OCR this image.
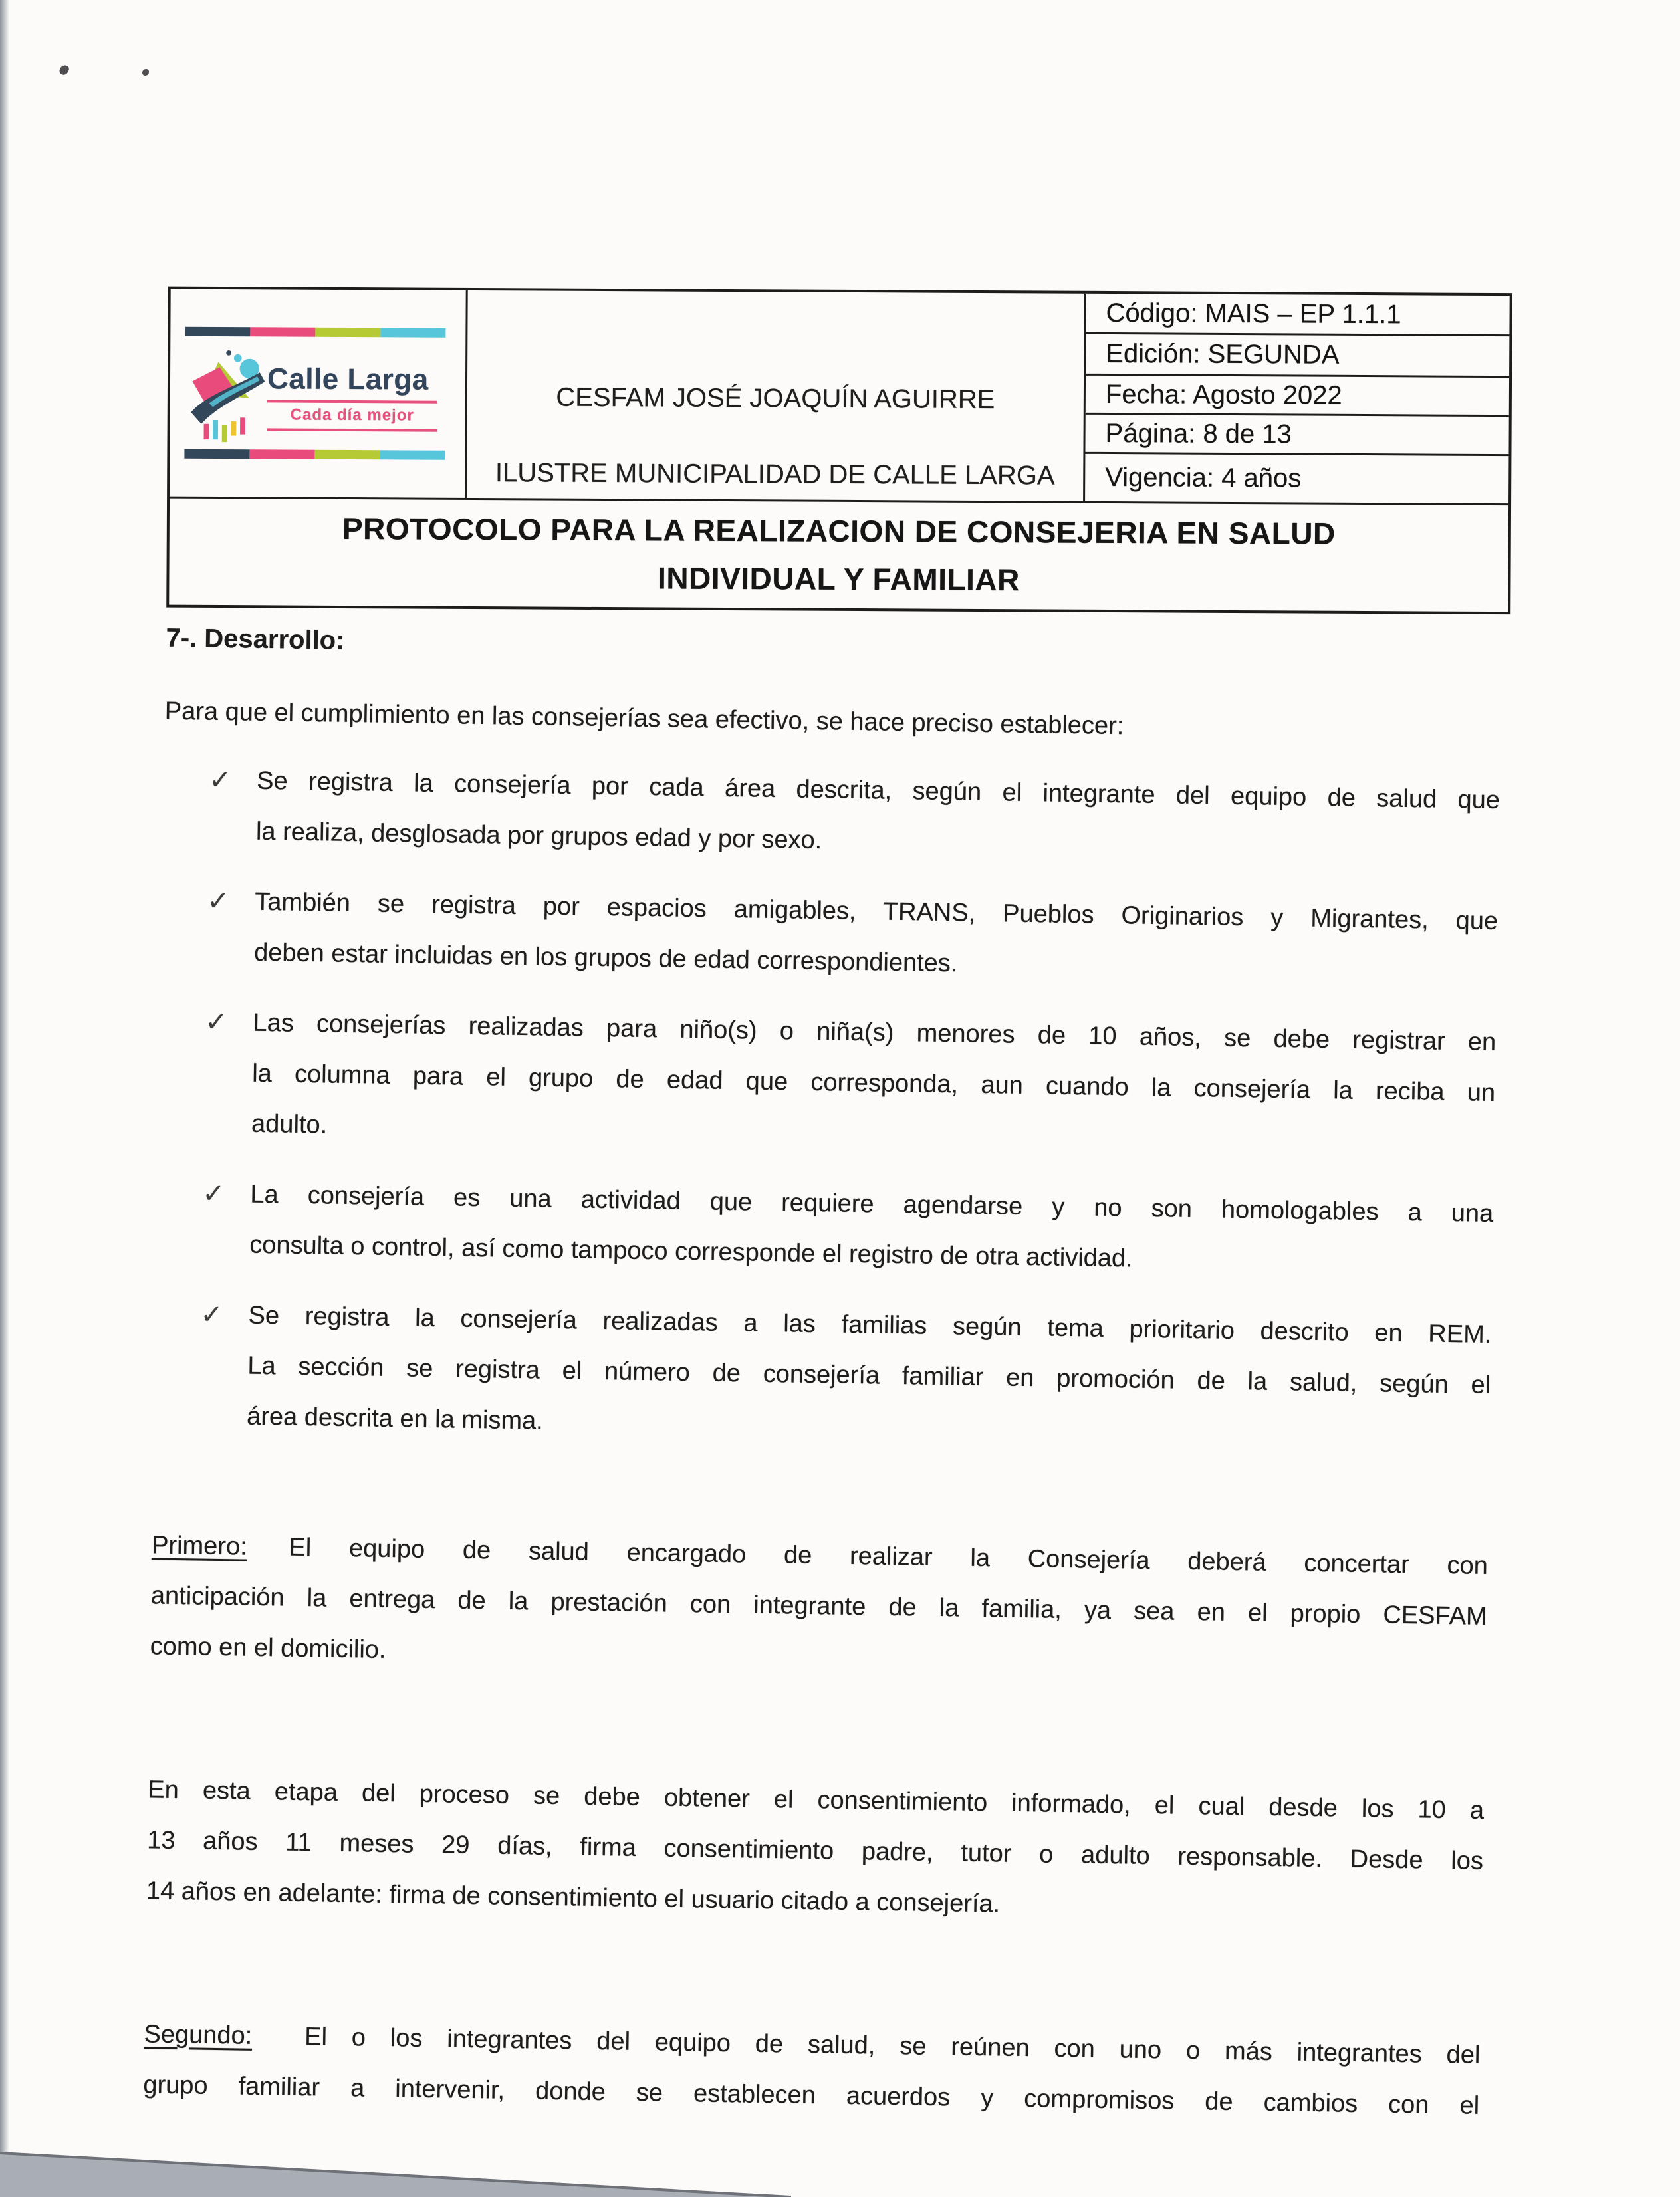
Calle Larga
Cada día mejor
CESFAM JOSÉ JOAQUÍN AGUIRRE
ILUSTRE MUNICIPALIDAD DE CALLE LARGA
Código: MAIS – EP 1.1.1
Edición: SEGUNDA
Fecha: Agosto 2022
Página: 8 de 13
Vigencia: 4 años
PROTOCOLO PARA LA REALIZACION DE CONSEJERIA EN SALUD
INDIVIDUAL Y FAMILIAR
7-. Desarrollo:
Para que el cumplimiento en las consejerías sea efectivo, se hace preciso establecer:
✓ Se registra la consejería por cada área descrita, según el integrante del equipo de salud que
la realiza, desglosada por grupos edad y por sexo.
✓ También se registra por espacios amigables, TRANS, Pueblos Originarios y Migrantes, que
deben estar incluidas en los grupos de edad correspondientes.
✓ Las consejerías realizadas para niño(s) o niña(s) menores de 10 años, se debe registrar en
la columna para el grupo de edad que corresponda, aun cuando la consejería la reciba un
adulto.
✓ La consejería es una actividad que requiere agendarse y no son homologables a una
consulta o control, así como tampoco corresponde el registro de otra actividad.
✓ Se registra la consejería realizadas a las familias según tema prioritario descrito en REM.
La sección se registra el número de consejería familiar en promoción de la salud, según el
área descrita en la misma.
Primero: El equipo de salud encargado de realizar la Consejería deberá concertar con
anticipación la entrega de la prestación con integrante de la familia, ya sea en el propio CESFAM
como en el domicilio.
En esta etapa del proceso se debe obtener el consentimiento informado, el cual desde los 10 a
13 años 11 meses 29 días, firma consentimiento padre, tutor o adulto responsable. Desde los
14 años en adelante: firma de consentimiento el usuario citado a consejería.
Segundo: El o los integrantes del equipo de salud, se reúnen con uno o más integrantes del
grupo familiar a intervenir, donde se establecen acuerdos y compromisos de cambios con el
